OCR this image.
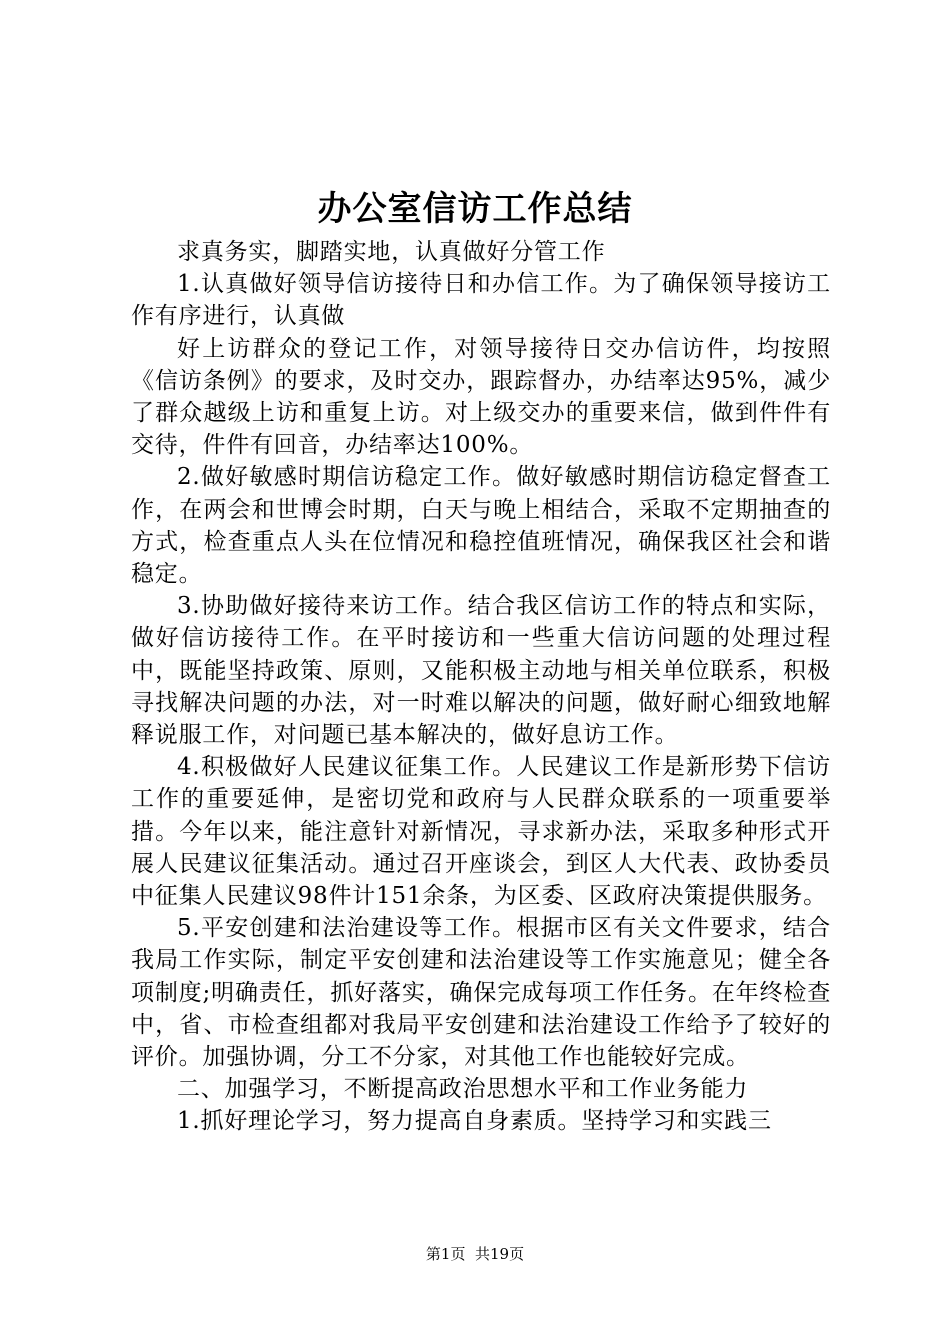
办公室信访工作总结

求真务实，脚踏实地，认真做好分管工作

1.认真做好领导信访接待日和办信工作。为了确保领导接访工作有序进行，认真做

好上访群众的登记工作，对领导接待日交办信访件，均按照《信访条例》的要求，及时交办，跟踪督办，办结率达95%，减少了群众越级上访和重复上访。对上级交办的重要来信，做到件件有交待，件件有回音，办结率达100%。

2.做好敏感时期信访稳定工作。做好敏感时期信访稳定督查工作，在两会和世博会时期，白天与晚上相结合，采取不定期抽查的方式，检查重点人头在位情况和稳控值班情况，确保我区社会和谐稳定。

3.协助做好接待来访工作。结合我区信访工作的特点和实际，做好信访接待工作。在平时接访和一些重大信访问题的处理过程中，既能坚持政策、原则，又能积极主动地与相关单位联系，积极寻找解决问题的办法，对一时难以解决的问题，做好耐心细致地解释说服工作，对问题已基本解决的，做好息访工作。

4.积极做好人民建议征集工作。人民建议工作是新形势下信访工作的重要延伸，是密切党和政府与人民群众联系的一项重要举措。今年以来，能注意针对新情况，寻求新办法，采取多种形式开展人民建议征集活动。通过召开座谈会，到区人大代表、政协委员中征集人民建议98件计151余条，为区委、区政府决策提供服务。

5.平安创建和法治建设等工作。根据市区有关文件要求，结合我局工作实际，制定平安创建和法治建设等工作实施意见；健全各项制度;明确责任，抓好落实，确保完成每项工作任务。在年终检查中，省、市检查组都对我局平安创建和法治建设工作给予了较好的评价。加强协调，分工不分家，对其他工作也能较好完成。

二、加强学习，不断提高政治思想水平和工作业务能力

1.抓好理论学习，努力提高自身素质。坚持学习和实践三

第1页 共19页
